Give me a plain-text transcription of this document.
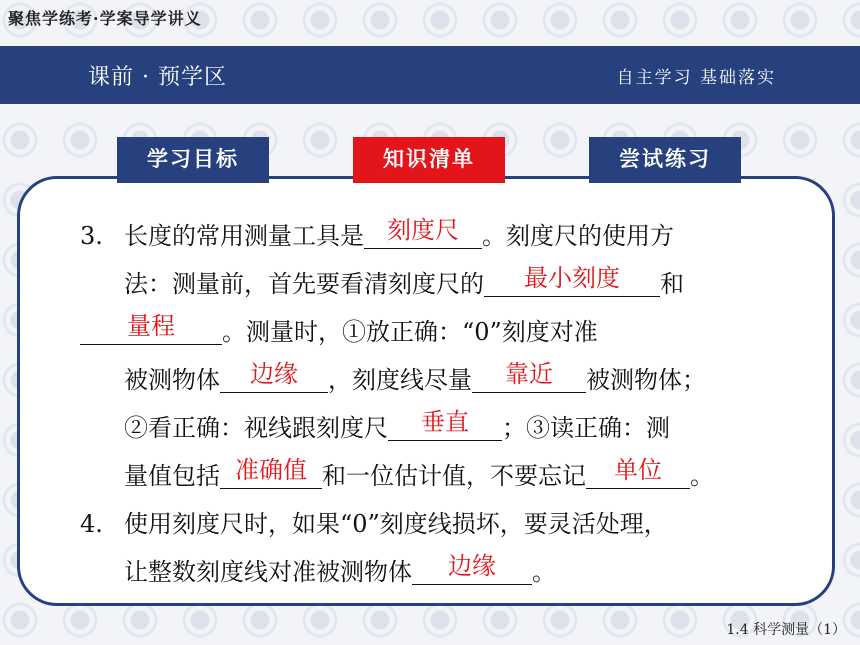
聚焦学练考·学案导学讲义
课前 · 预学区	自主学习 基础落实
学习目标	知识清单	尝试练习
3. 长度的常用测量工具是 刻度尺 。刻度尺的使用方
法：测量前，首先要看清刻度尺的	最小刻度	和
量程	。测量时，①放正确：“0”刻度对准
被测物体	边缘	，刻度线尽量	靠近	被测物体；
②看正确：视线跟刻度尺	垂直	；③读正确：测
量值包括 准确值 和一位估计值，不要忘记	单位	。
4. 使用刻度尺时，如果“0”刻度线损坏，要灵活处理，
让整数刻度线对准被测物体	边缘	。
1.4 科学测量（1）
